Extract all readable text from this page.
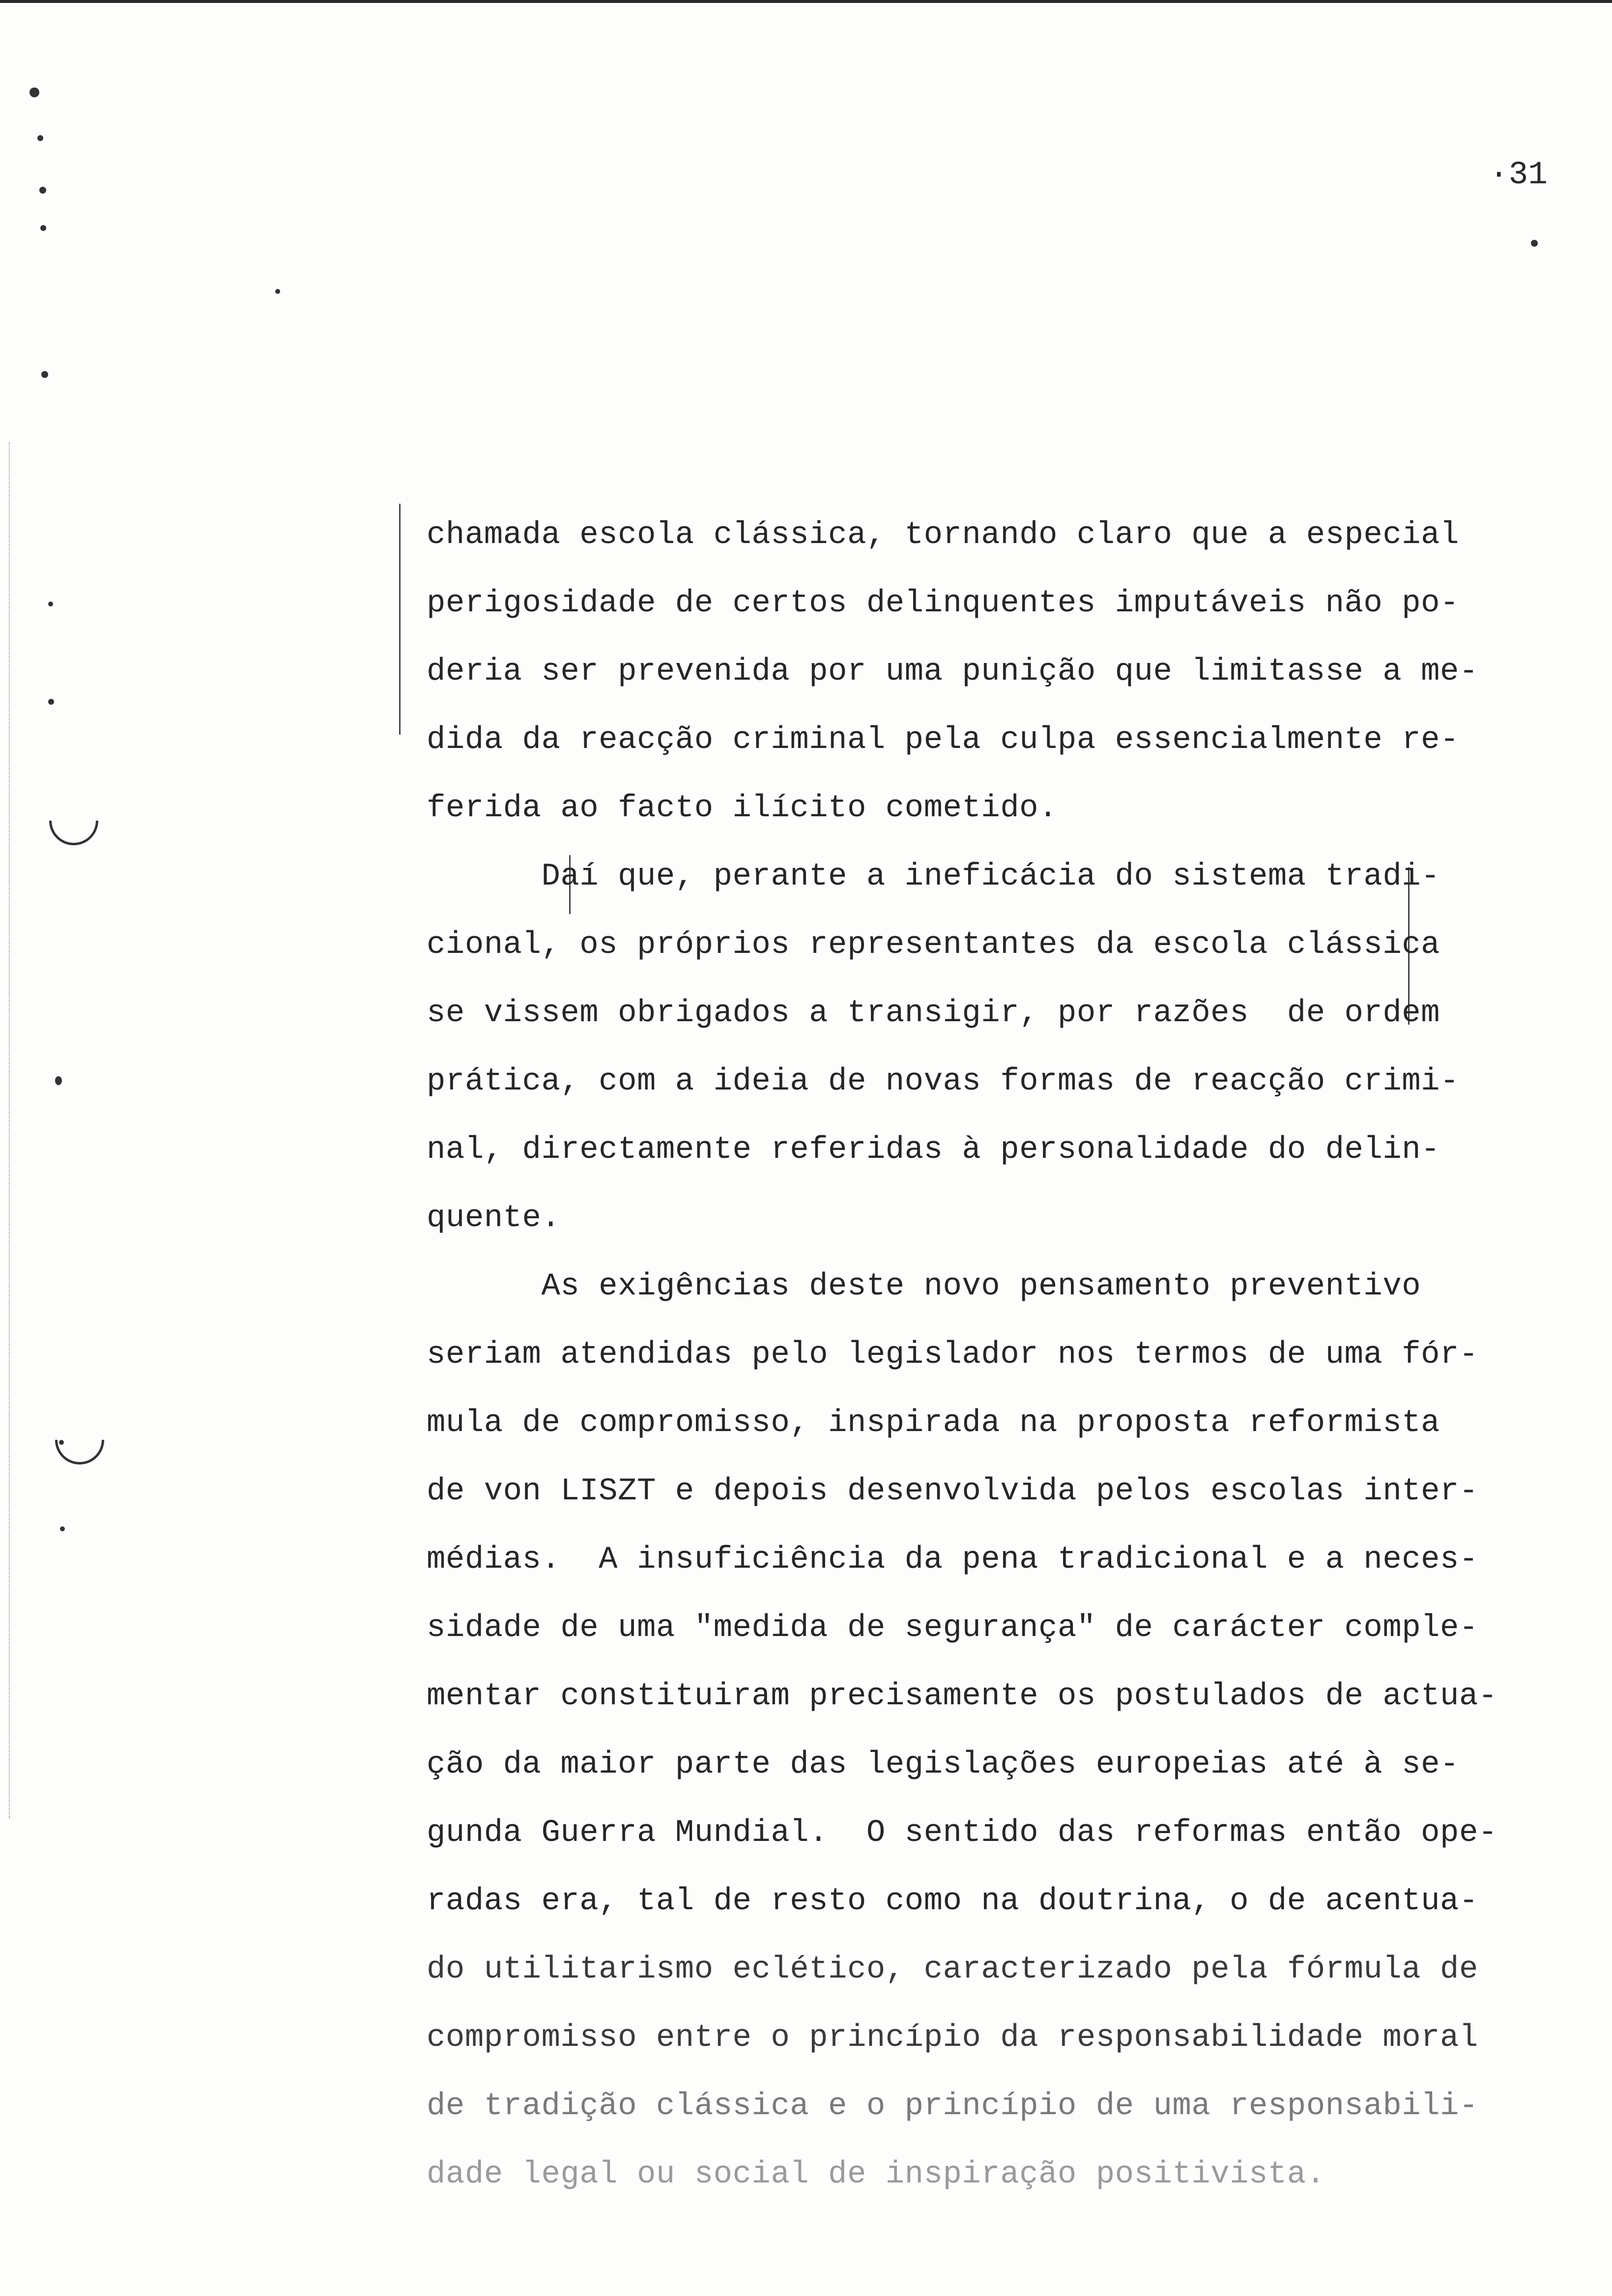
·31
chamada escola clássica, tornando claro que a especial
perigosidade de certos delinquentes imputáveis não po-
deria ser prevenida por uma punição que limitasse a me-
dida da reacção criminal pela culpa essencialmente re-
ferida ao facto ilícito cometido.
Daí que, perante a ineficácia do sistema tradi-
cional, os próprios representantes da escola clássica
se vissem obrigados a transigir, por razões  de ordem
prática, com a ideia de novas formas de reacção crimi-
nal, directamente referidas à personalidade do delin-
quente.
As exigências deste novo pensamento preventivo
seriam atendidas pelo legislador nos termos de uma fór-
mula de compromisso, inspirada na proposta reformista
de von LISZT e depois desenvolvida pelos escolas inter-
médias.  A insuficiência da pena tradicional e a neces-
sidade de uma "medida de segurança" de carácter comple-
mentar constituiram precisamente os postulados de actua-
ção da maior parte das legislações europeias até à se-
gunda Guerra Mundial.  O sentido das reformas então ope-
radas era, tal de resto como na doutrina, o de acentua-
do utilitarismo eclético, caracterizado pela fórmula de
compromisso entre o princípio da responsabilidade moral
de tradição clássica e o princípio de uma responsabili-
dade legal ou social de inspiração positivista.
